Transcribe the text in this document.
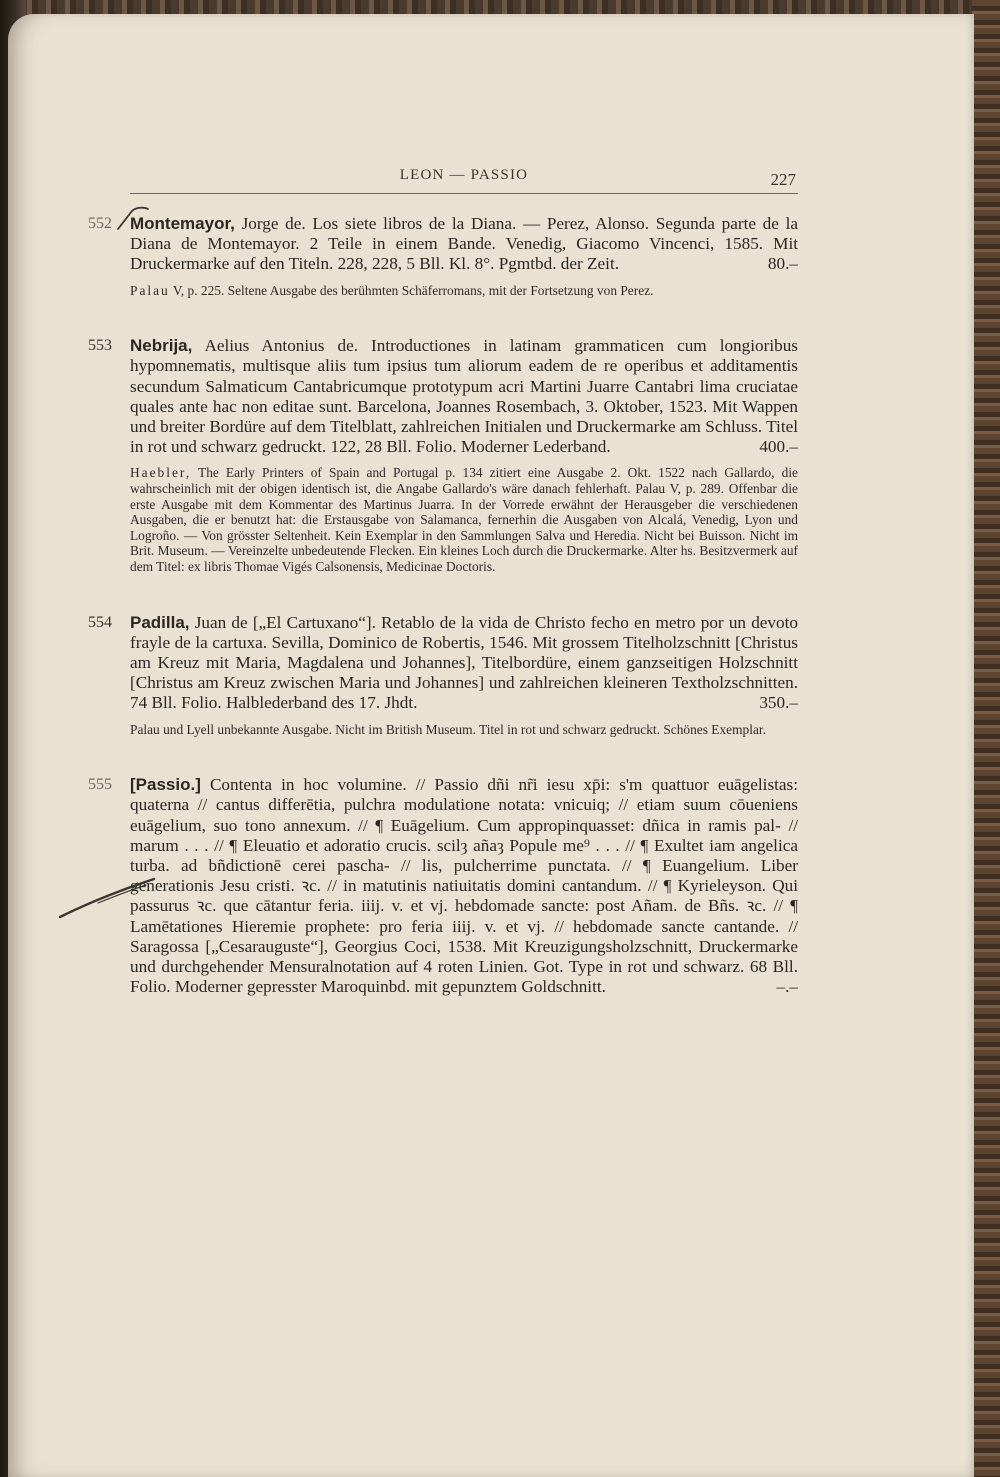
LEON — PASSIO	227
552 Montemayor, Jorge de. Los siete libros de la Diana. — Perez, Alonso. Segunda parte de la Diana de Montemayor. 2 Teile in einem Bande. Venedig, Giacomo Vincenci, 1585. Mit Druckermarke auf den Titeln. 228, 228, 5 Bll. Kl. 8°. Pgmtbd. der Zeit.	80.–

Palau V, p. 225. Seltene Ausgabe des berühmten Schäferromans, mit der Fortsetzung von Perez.

553 Nebrija, Aelius Antonius de. Introductiones in latinam grammaticen cum longioribus hypomnematis, multisque aliis tum ipsius tum aliorum eadem de re operibus et additamentis secundum Salmaticum Cantabricumque prototypum acri Martini Juarre Cantabri lima cruciatae quales ante hac non editae sunt. Barcelona, Joannes Rosembach, 3. Oktober, 1523. Mit Wappen und breiter Bordüre auf dem Titelblatt, zahlreichen Initialen und Druckermarke am Schluss. Titel in rot und schwarz gedruckt. 122, 28 Bll. Folio. Moderner Lederband.	400.–

Haebler, The Early Printers of Spain and Portugal p. 134 zitiert eine Ausgabe 2. Okt. 1522 nach Gallardo, die wahrscheinlich mit der obigen identisch ist, die Angabe Gallardo's wäre danach fehlerhaft. Palau V, p. 289. Offenbar die erste Ausgabe mit dem Kommentar des Martinus Juarra. In der Vorrede erwähnt der Herausgeber die verschiedenen Ausgaben, die er benutzt hat: die Erstausgabe von Salamanca, fernerhin die Ausgaben von Alcalá, Venedig, Lyon und Logroño. — Von grösster Seltenheit. Kein Exemplar in den Sammlungen Salva und Heredia. Nicht bei Buisson. Nicht im Brit. Museum. — Vereinzelte unbedeutende Flecken. Ein kleines Loch durch die Druckermarke. Alter hs. Besitzvermerk auf dem Titel: ex libris Thomae Vigés Calsonensis, Medicinae Doctoris.

554 Padilla, Juan de [„El Cartuxano“]. Retablo de la vida de Christo fecho en metro por un devoto frayle de la cartuxa. Sevilla, Dominico de Robertis, 1546. Mit grossem Titelholzschnitt [Christus am Kreuz mit Maria, Magdalena und Johannes], Titelbordüre, einem ganzseitigen Holzschnitt [Christus am Kreuz zwischen Maria und Johannes] und zahlreichen kleineren Textholzschnitten. 74 Bll. Folio. Halblederband des 17. Jhdt.	350.–

Palau und Lyell unbekannte Ausgabe. Nicht im British Museum. Titel in rot und schwarz gedruckt. Schönes Exemplar.

555 [Passio.] Contenta in hoc volumine. // Passio dñi nr̃i iesu xp̄i: s'm quattuor euāgelistas: quaterna // cantus differētia, pulchra modulatione notata: vnicuiq; // etiam suum cōueniens euāgelium, suo tono annexum. // ¶ Euāgelium. Cum appropinquasset: dñica in ramis pal- // marum . . . // ¶ Eleuatio et adoratio crucis. scilȝ añaȝ Popule me⁹ . . . // ¶ Exultet iam angelica turba. ad bñdictionē cerei pascha- // lis, pulcherrime punctata. // ¶ Euangelium. Liber generationis Jesu cristi. ꝛc. // in matutinis natiuitatis domini cantandum. // ¶ Kyrieleyson. Qui passurus ꝛc. que cātantur feria. iiij. v. et vj. hebdomade sancte: post Añam. de Bñs. ꝛc. // ¶ Lamētationes Hieremie prophete: pro feria iiij. v. et vj. // hebdomade sancte cantande. // Saragossa [„Cesarauguste“], Georgius Coci, 1538. Mit Kreuzigungsholzschnitt, Druckermarke und durchgehender Mensuralnotation auf 4 roten Linien. Got. Type in rot und schwarz. 68 Bll. Folio. Moderner gepresster Maroquinbd. mit gepunztem Goldschnitt.	–.–
